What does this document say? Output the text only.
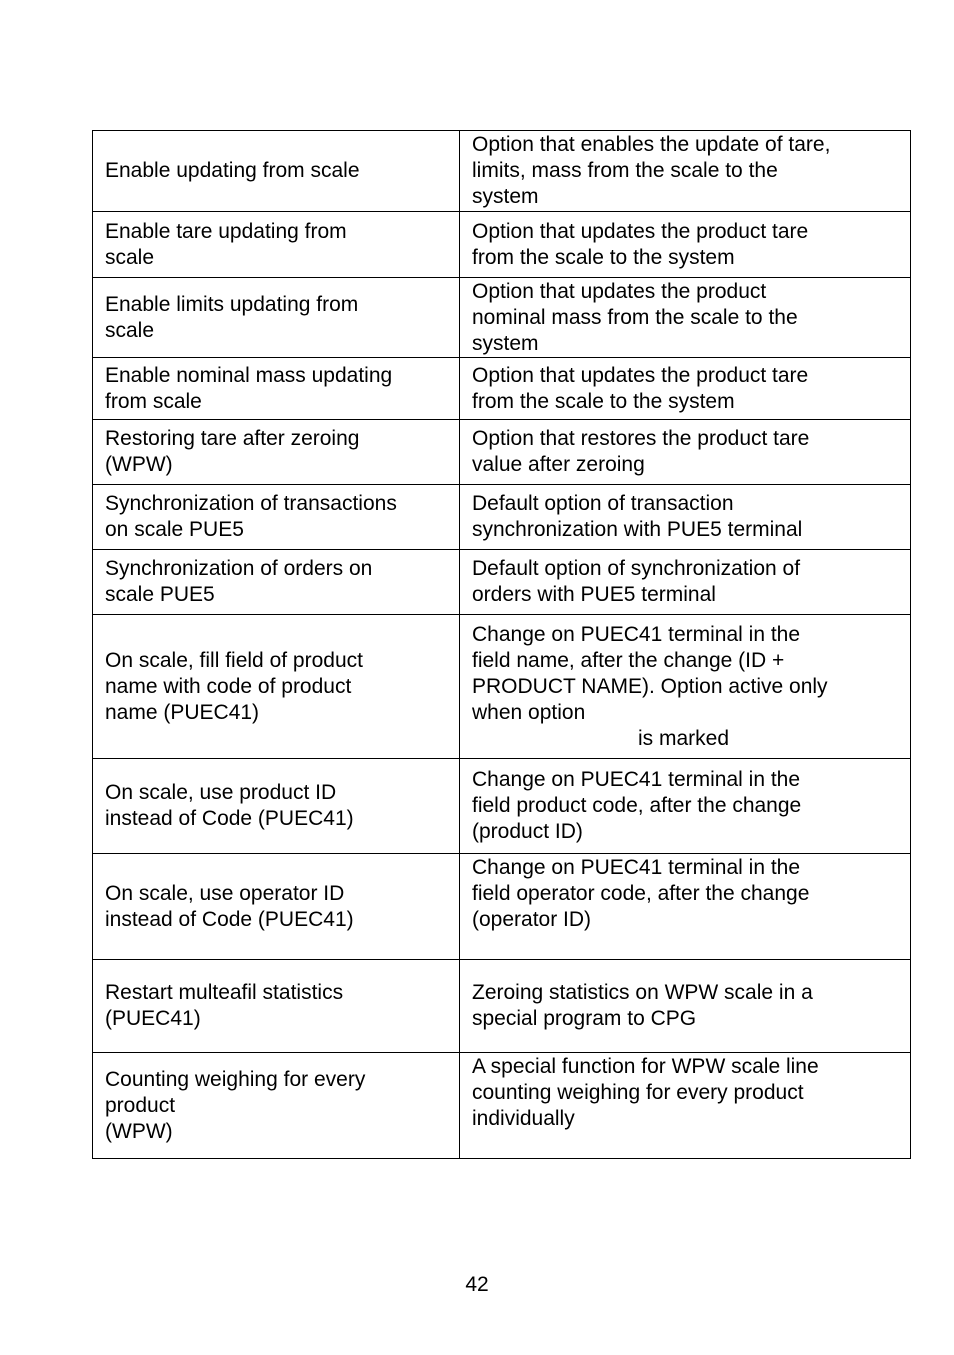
Enable updating from scale	Option that enables the update of tare,
limits, mass from the scale to the
system
Enable tare updating from
scale	Option that updates the product tare
from the scale to the system
Enable limits updating from
scale	Option that updates the product
nominal mass from the scale to the
system
Enable nominal mass updating
from scale	Option that updates the product tare
from the scale to the system
Restoring tare after zeroing
(WPW)	Option that restores the product tare
value after zeroing
Synchronization of transactions
on scale PUE5	Default option of transaction
synchronization with PUE5 terminal
Synchronization of orders on
scale PUE5	Default option of synchronization of
orders with PUE5 terminal
On scale, fill field of product
name with code of product
name (PUEC41)	Change on PUEC41 terminal in the
field name, after the change (ID +
PRODUCT NAME). Option active only
when option
is marked

On scale, use product ID
instead of Code (PUEC41)	Change on PUEC41 terminal in the
field product code, after the change
(product ID)
On scale, use operator ID
instead of Code (PUEC41)	Change on PUEC41 terminal in the
field operator code, after the change
(operator ID)
Restart multeafil statistics
(PUEC41)	Zeroing statistics on WPW scale in a
special program to CPG
Counting weighing for every
product
(WPW)	A special function for WPW scale line
counting weighing for every product
individually
42
